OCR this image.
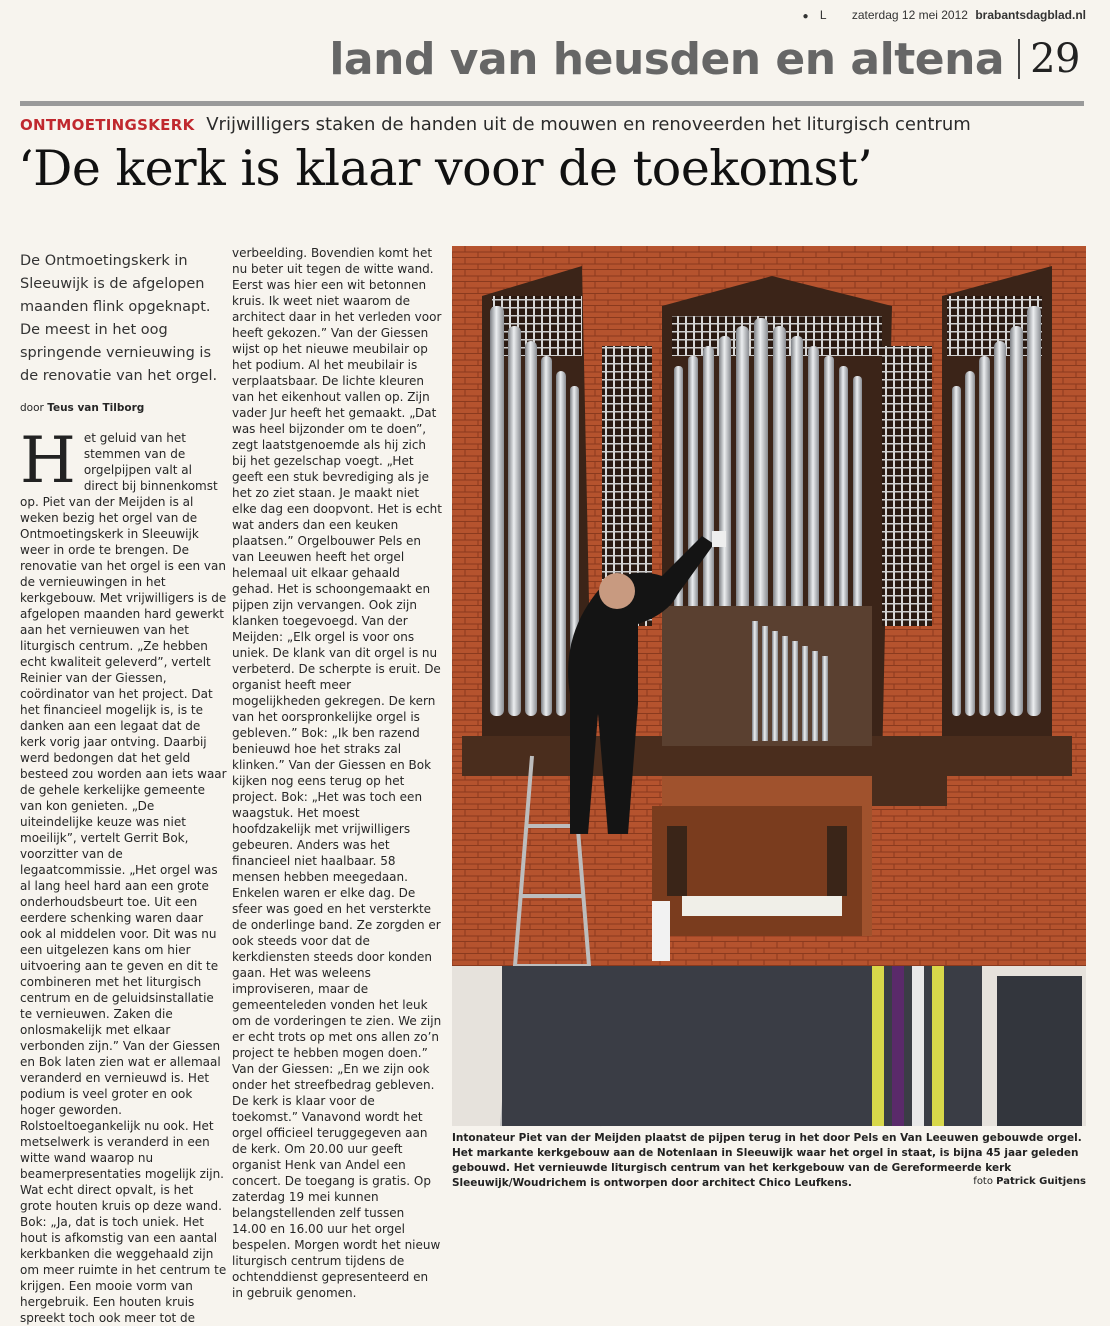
● L zaterdag 12 mei 2012 brabantsdagblad.nl
land van heusden en altena 29
ONTMOETINGSKERK Vrijwilligers staken de handen uit de mouwen en renoveerden het liturgisch centrum
‘De kerk is klaar voor de toekomst’
De Ontmoetingskerk in Sleeuwijk is de afgelopen maanden flink opgeknapt. De meest in het oog springende vernieuwing is de renovatie van het orgel.
door Teus van Tilborg
H et geluid van het stemmen van de orgelpijpen valt al direct bij binnenkomst op. Piet van der Meijden is al weken bezig het orgel van de Ontmoetingskerk in Sleeuwijk weer in orde te brengen. De renovatie van het orgel is een van de vernieuwingen in het kerkgebouw. Met vrijwilligers is de afgelopen maanden hard gewerkt aan het vernieuwen van het liturgisch centrum. „Ze hebben echt kwaliteit geleverd”, vertelt Reinier van der Giessen, coördinator van het project. Dat het financieel mogelijk is, is te danken aan een legaat dat de kerk vorig jaar ontving. Daarbij werd bedongen dat het geld besteed zou worden aan iets waar de gehele kerkelijke gemeente van kon genieten. „De uiteindelijke keuze was niet moeilijk”, vertelt Gerrit Bok, voorzitter van de legaatcommissie. „Het orgel was al lang heel hard aan een grote onderhoudsbeurt toe. Uit een eerdere schenking waren daar ook al middelen voor. Dit was nu een uitgelezen kans om hier uitvoering aan te geven en dit te combineren met het liturgisch centrum en de geluidsinstallatie te vernieuwen. Zaken die onlosmakelijk met elkaar verbonden zijn.” Van der Giessen en Bok laten zien wat er allemaal veranderd en vernieuwd is. Het podium is veel groter en ook hoger geworden. Rolstoeltoegankelijk nu ook. Het metselwerk is veranderd in een witte wand waarop nu beamerpresentaties mogelijk zijn. Wat echt direct opvalt, is het grote houten kruis op deze wand. Bok: „Ja, dat is toch uniek. Het hout is afkomstig van een aantal kerkbanken die weggehaald zijn om meer ruimte in het centrum te krijgen. Een mooie vorm van hergebruik. Een houten kruis spreekt toch ook meer tot de

verbeelding. Bovendien komt het nu beter uit tegen de witte wand. Eerst was hier een wit betonnen kruis. Ik weet niet waarom de architect daar in het verleden voor heeft gekozen.” Van der Giessen wijst op het nieuwe meubilair op het podium. Al het meubilair is verplaatsbaar. De lichte kleuren van het eikenhout vallen op. Zijn vader Jur heeft het gemaakt. „Dat was heel bijzonder om te doen”, zegt laatstgenoemde als hij zich bij het gezelschap voegt. „Het geeft een stuk bevrediging als je het zo ziet staan. Je maakt niet elke dag een doopvont. Het is echt wat anders dan een keuken plaatsen.” Orgelbouwer Pels en van Leeuwen heeft het orgel helemaal uit elkaar gehaald gehad. Het is schoongemaakt en pijpen zijn vervangen. Ook zijn klanken toegevoegd. Van der Meijden: „Elk orgel is voor ons uniek. De klank van dit orgel is nu verbeterd. De scherpte is eruit. De organist heeft meer mogelijkheden gekregen. De kern van het oorspronkelijke orgel is gebleven.” Bok: „Ik ben razend benieuwd hoe het straks zal klinken.” Van der Giessen en Bok kijken nog eens terug op het project. Bok: „Het was toch een waagstuk. Het moest hoofdzakelijk met vrijwilligers gebeuren. Anders was het financieel niet haalbaar. 58 mensen hebben meegedaan. Enkelen waren er elke dag. De sfeer was goed en het versterkte de onderlinge band. Ze zorgden er ook steeds voor dat de kerkdiensten steeds door konden gaan. Het was weleens improviseren, maar de gemeenteleden vonden het leuk om de vorderingen te zien. We zijn er echt trots op met ons allen zo’n project te hebben mogen doen.” Van der Giessen: „En we zijn ook onder het streefbedrag gebleven. De kerk is klaar voor de toekomst.” Vanavond wordt het orgel officieel teruggegeven aan de kerk. Om 20.00 uur geeft organist Henk van Andel een concert. De toegang is gratis. Op zaterdag 19 mei kunnen belangstellenden zelf tussen 14.00 en 16.00 uur het orgel bespelen. Morgen wordt het nieuw liturgisch centrum tijdens de ochtenddienst gepresenteerd en in gebruik genomen.

Intonateur Piet van der Meijden plaatst de pijpen terug in het door Pels en Van Leeuwen gebouwde orgel. Het markante kerkgebouw aan de Notenlaan in Sleeuwijk waar het orgel in staat, is bijna 45 jaar geleden gebouwd. Het vernieuwde liturgisch centrum van het kerkgebouw van de Gereformeerde kerk Sleeuwijk/Woudrichem is ontworpen door architect Chico Leufkens.	foto Patrick Guitjens
